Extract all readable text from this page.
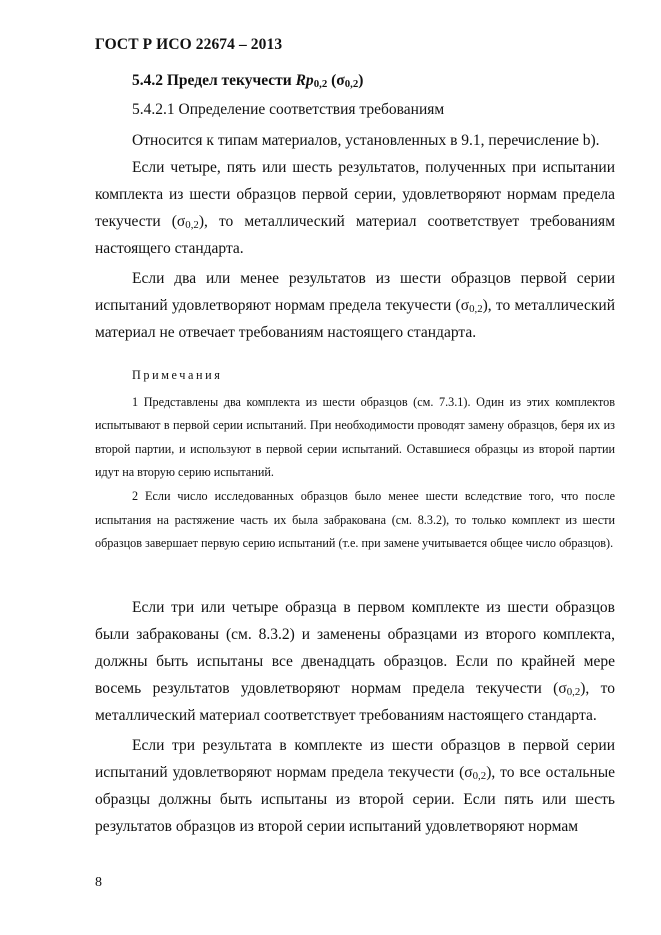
ГОСТ Р ИСО 22674 – 2013
5.4.2 Предел текучести $Rp_{0,2}$ $(\sigma_{0,2})$
5.4.2.1 Определение соответствия требованиям

Относится к типам материалов, установленных в 9.1, перечисление b).

Если четыре, пять или шесть результатов, полученных при испытании комплекта из шести образцов первой серии, удовлетворяют нормам предела текучести $(\sigma_{0,2})$, то металлический материал соответствует требованиям настоящего стандарта.

Если два или менее результатов из шести образцов первой серии испытаний удовлетворяют нормам предела текучести $(\sigma_{0,2})$, то металлический материал не отвечает требованиям настоящего стандарта.

Примечания

1 Представлены два комплекта из шести образцов (см. 7.3.1). Один из этих комплектов испытывают в первой серии испытаний. При необходимости проводят замену образцов, беря их из второй партии, и используют в первой серии испытаний. Оставшиеся образцы из второй партии идут на вторую серию испытаний.

2 Если число исследованных образцов было менее шести вследствие того, что после испытания на растяжение часть их была забракована (см. 8.3.2), то только комплект из шести образцов завершает первую серию испытаний (т.е. при замене учитывается общее число образцов).

Если три или четыре образца в первом комплекте из шести образцов были забракованы (см. 8.3.2) и заменены образцами из второго комплекта, должны быть испытаны все двенадцать образцов. Если по крайней мере восемь результатов удовлетворяют нормам предела текучести $(\sigma_{0,2})$, то металлический материал соответствует требованиям настоящего стандарта.

Если три результата в комплекте из шести образцов в первой серии испытаний удовлетворяют нормам предела текучести $(\sigma_{0,2})$, то все остальные образцы должны быть испытаны из второй серии. Если пять или шесть результатов образцов из второй серии испытаний удовлетворяют нормам

8
